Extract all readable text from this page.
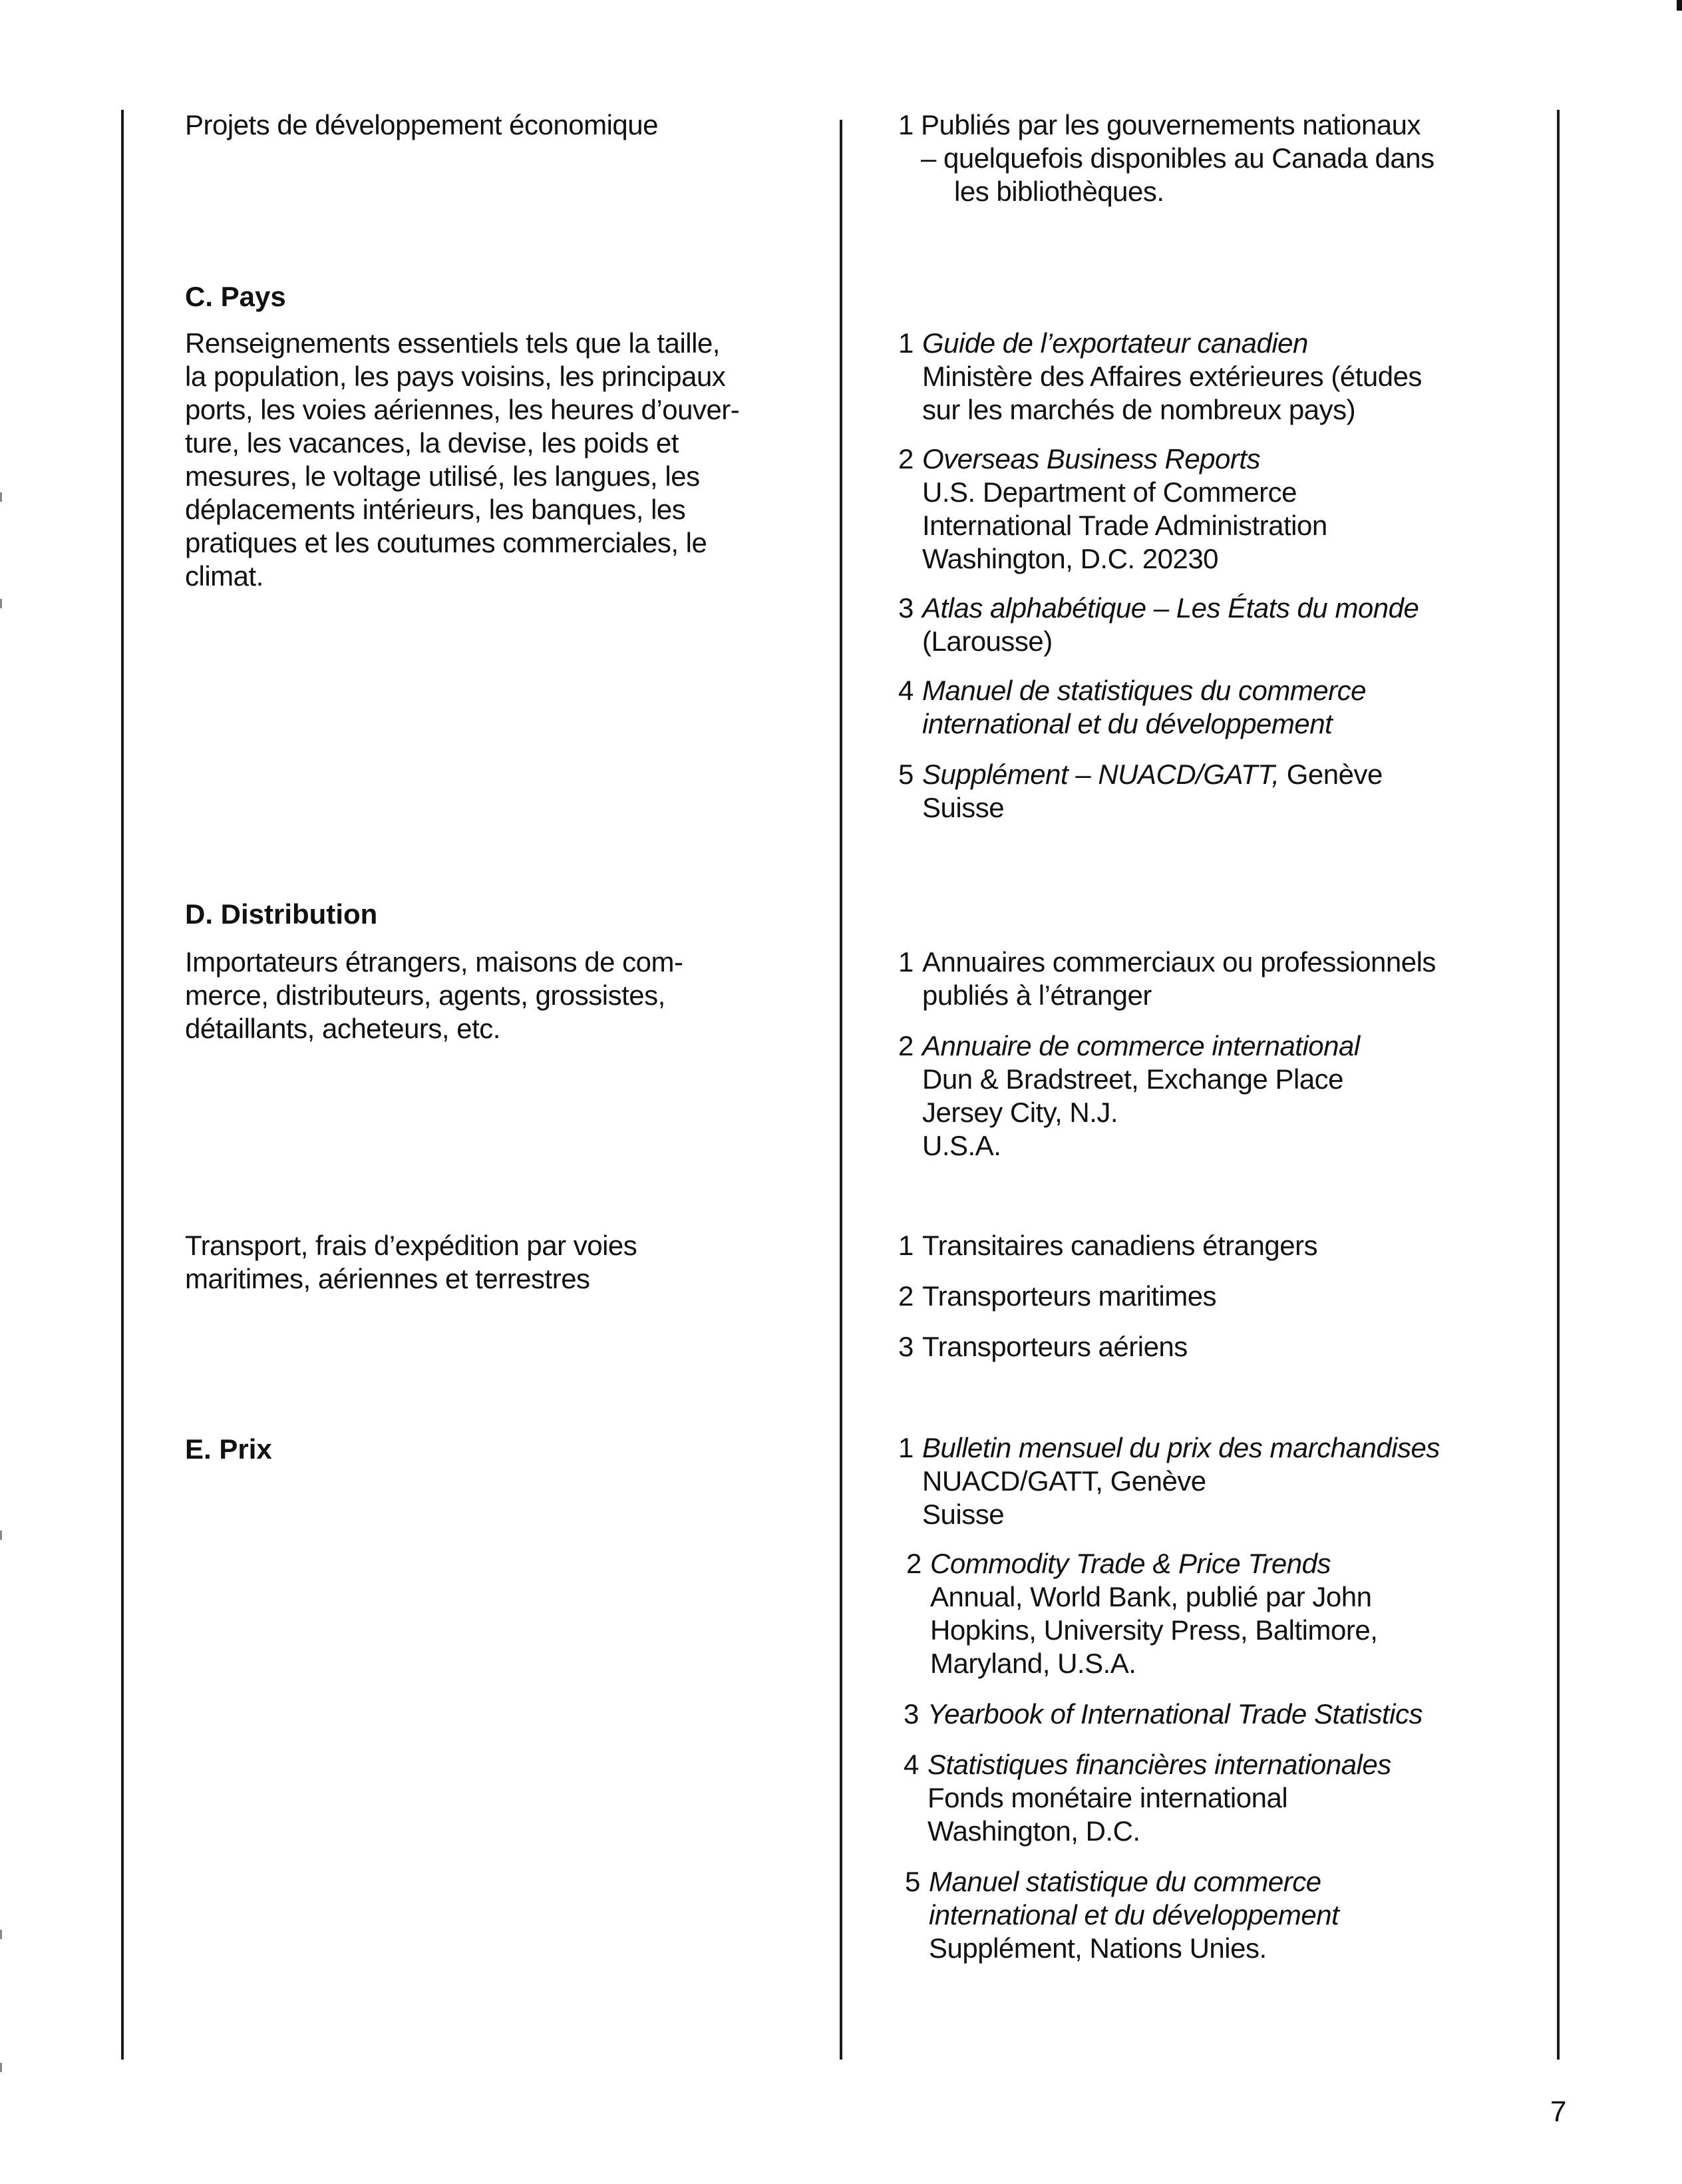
Projets de développement économique
C. Pays
Renseignements essentiels tels que la taille,
la population, les pays voisins, les principaux
ports, les voies aériennes, les heures d’ouver-
ture, les vacances, la devise, les poids et
mesures, le voltage utilisé, les langues, les
déplacements intérieurs, les banques, les
pratiques et les coutumes commerciales, le
climat.
D. Distribution
Importateurs étrangers, maisons de com-
merce, distributeurs, agents, grossistes,
détaillants, acheteurs, etc.
Transport, frais d’expédition par voies
maritimes, aériennes et terrestres
E. Prix
1 Publiés par les gouvernements nationaux
– quelquefois disponibles au Canada dans
les bibliothèques.
1 Guide de l’exportateur canadien
Ministère des Affaires extérieures (études
sur les marchés de nombreux pays)
2 Overseas Business Reports
U.S. Department of Commerce
International Trade Administration
Washington, D.C. 20230
3 Atlas alphabétique – Les États du monde
(Larousse)
4 Manuel de statistiques du commerce
international et du développement
5 Supplément – NUACD/GATT, Genève
Suisse
1 Annuaires commerciaux ou professionnels
publiés à l’étranger
2 Annuaire de commerce international
Dun & Bradstreet, Exchange Place
Jersey City, N.J.
U.S.A.
1 Transitaires canadiens étrangers
2 Transporteurs maritimes
3 Transporteurs aériens
1 Bulletin mensuel du prix des marchandises
NUACD/GATT, Genève
Suisse
2 Commodity Trade & Price Trends
Annual, World Bank, publié par John
Hopkins, University Press, Baltimore,
Maryland, U.S.A.
3 Yearbook of International Trade Statistics
4 Statistiques financières internationales
Fonds monétaire international
Washington, D.C.
5 Manuel statistique du commerce
international et du développement
Supplément, Nations Unies.
7
